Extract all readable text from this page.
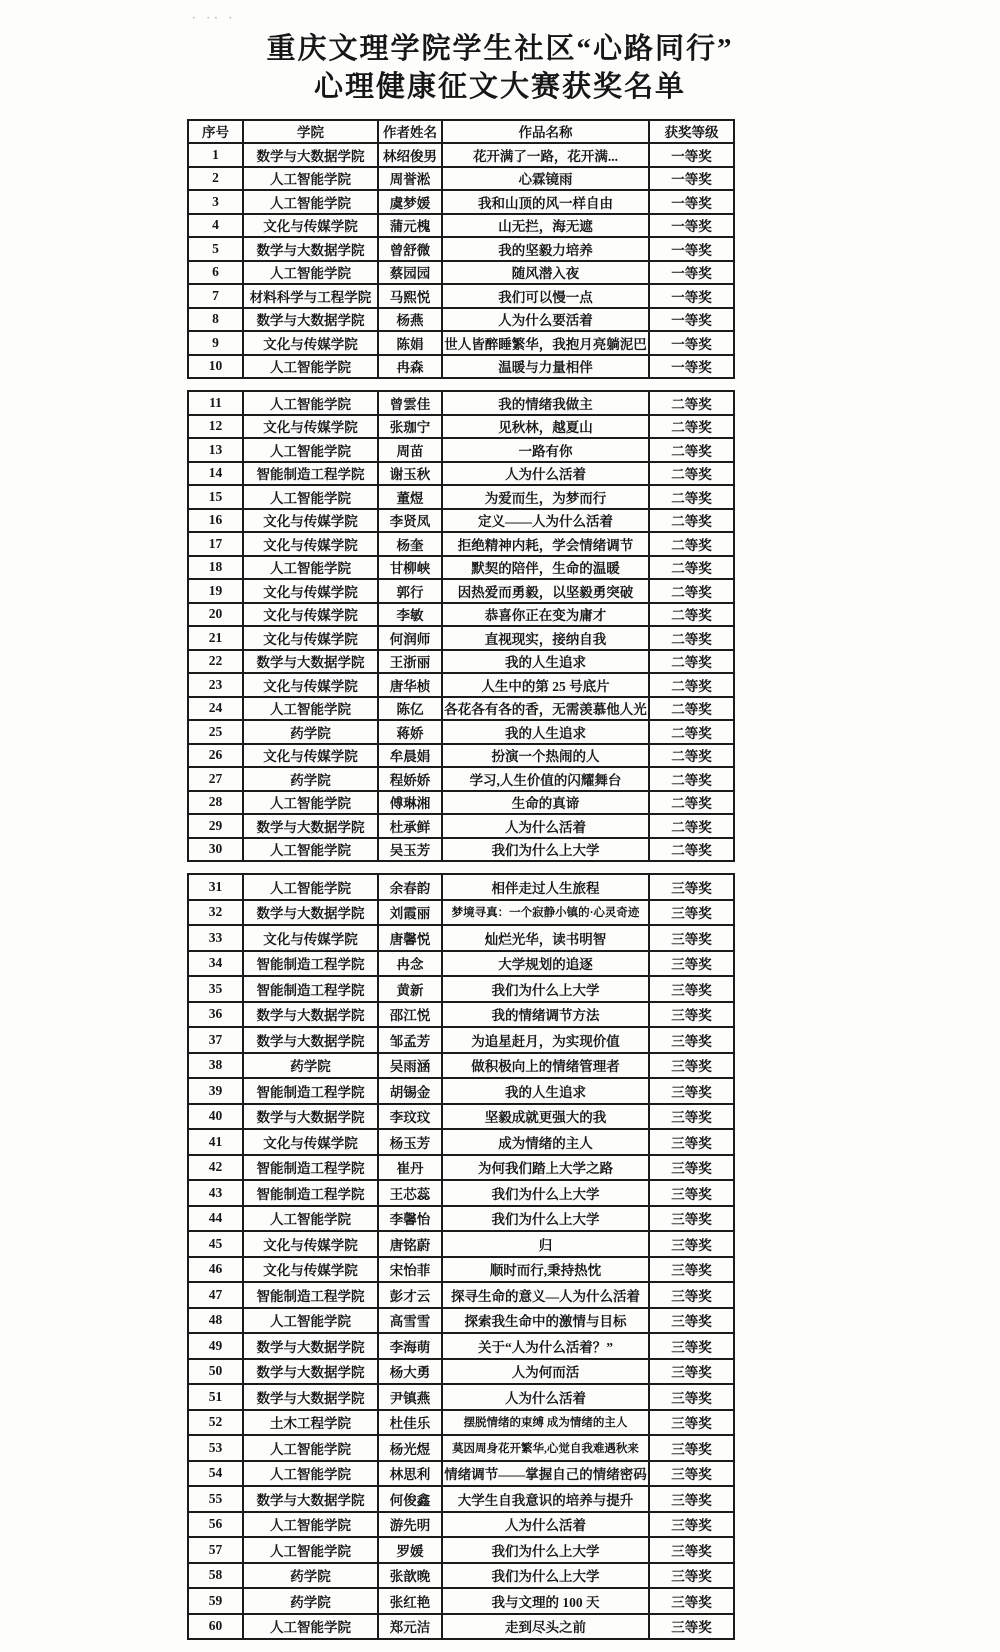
· ·· ·
重庆文理学院学生社区“心路同行”
心理健康征文大赛获奖名单
序号	学院	作者姓名	作品名称	获奖等级
1	数学与大数据学院	林绍俊男	花开满了一路，花开满...	一等奖
2	人工智能学院	周誉淞	心霖镜雨	一等奖
3	人工智能学院	虞梦媛	我和山顶的风一样自由	一等奖
4	文化与传媒学院	蒲元槐	山无拦，海无遮	一等奖
5	数学与大数据学院	曾舒微	我的坚毅力培养	一等奖
6	人工智能学院	蔡园园	随风潜入夜	一等奖
7	材料科学与工程学院	马熙悦	我们可以慢一点	一等奖
8	数学与大数据学院	杨燕	人为什么要活着	一等奖
9	文化与传媒学院	陈娟	世人皆醉睡繁华，我抱月亮躺泥巴	一等奖
10	人工智能学院	冉森	温暖与力量相伴	一等奖
11	人工智能学院	曾雲佳	我的情绪我做主	二等奖
12	文化与传媒学院	张珈宁	见秋林，越夏山	二等奖
13	人工智能学院	周苗	一路有你	二等奖
14	智能制造工程学院	谢玉秋	人为什么活着	二等奖
15	人工智能学院	董煜	为爱而生，为梦而行	二等奖
16	文化与传媒学院	李贤凤	定义——人为什么活着	二等奖
17	文化与传媒学院	杨奎	拒绝精神内耗，学会情绪调节	二等奖
18	人工智能学院	甘柳峡	默契的陪伴，生命的温暖	二等奖
19	文化与传媒学院	郭行	因热爱而勇毅，以坚毅勇突破	二等奖
20	文化与传媒学院	李敏	恭喜你正在变为庸才	二等奖
21	文化与传媒学院	何润师	直视现实，接纳自我	二等奖
22	数学与大数据学院	王浙丽	我的人生追求	二等奖
23	文化与传媒学院	唐华桢	人生中的第 25 号底片	二等奖
24	人工智能学院	陈亿	各花各有各的香，无需羡慕他人光	二等奖
25	药学院	蒋娇	我的人生追求	二等奖
26	文化与传媒学院	牟晨娟	扮演一个热闹的人	二等奖
27	药学院	程娇娇	学习,人生价值的闪耀舞台	二等奖
28	人工智能学院	傅琳湘	生命的真谛	二等奖
29	数学与大数据学院	杜承鲜	人为什么活着	二等奖
30	人工智能学院	吴玉芳	我们为什么上大学	二等奖
31	人工智能学院	余春韵	相伴走过人生旅程	三等奖
32	数学与大数据学院	刘霞丽	梦境寻真：一个寂静小镇的·心灵奇迹	三等奖
33	文化与传媒学院	唐馨悦	灿烂光华，读书明智	三等奖
34	智能制造工程学院	冉念	大学规划的追逐	三等奖
35	智能制造工程学院	黄新	我们为什么上大学	三等奖
36	数学与大数据学院	邵江悦	我的情绪调节方法	三等奖
37	数学与大数据学院	邹孟芳	为追星赶月，为实现价值	三等奖
38	药学院	吴雨涵	做积极向上的情绪管理者	三等奖
39	智能制造工程学院	胡锡金	我的人生追求	三等奖
40	数学与大数据学院	李玟玟	坚毅成就更强大的我	三等奖
41	文化与传媒学院	杨玉芳	成为情绪的主人	三等奖
42	智能制造工程学院	崔丹	为何我们踏上大学之路	三等奖
43	智能制造工程学院	王芯蕊	我们为什么上大学	三等奖
44	人工智能学院	李馨怡	我们为什么上大学	三等奖
45	文化与传媒学院	唐铭蔚	归	三等奖
46	文化与传媒学院	宋怡菲	顺时而行,秉持热忱	三等奖
47	智能制造工程学院	彭才云	探寻生命的意义—人为什么活着	三等奖
48	人工智能学院	高雪雪	探索我生命中的激情与目标	三等奖
49	数学与大数据学院	李海萌	关于“人为什么活着？”	三等奖
50	数学与大数据学院	杨大勇	人为何而活	三等奖
51	数学与大数据学院	尹镇燕	人为什么活着	三等奖
52	土木工程学院	杜佳乐	摆脱情绪的束缚 成为情绪的主人	三等奖
53	人工智能学院	杨光煜	莫因周身花开繁华,心觉自我难遇秋来	三等奖
54	人工智能学院	林思利	情绪调节——掌握自己的情绪密码	三等奖
55	数学与大数据学院	何俊鑫	大学生自我意识的培养与提升	三等奖
56	人工智能学院	游先明	人为什么活着	三等奖
57	人工智能学院	罗媛	我们为什么上大学	三等奖
58	药学院	张歆晚	我们为什么上大学	三等奖
59	药学院	张红艳	我与文理的 100 天	三等奖
60	人工智能学院	郑元洁	走到尽头之前	三等奖
